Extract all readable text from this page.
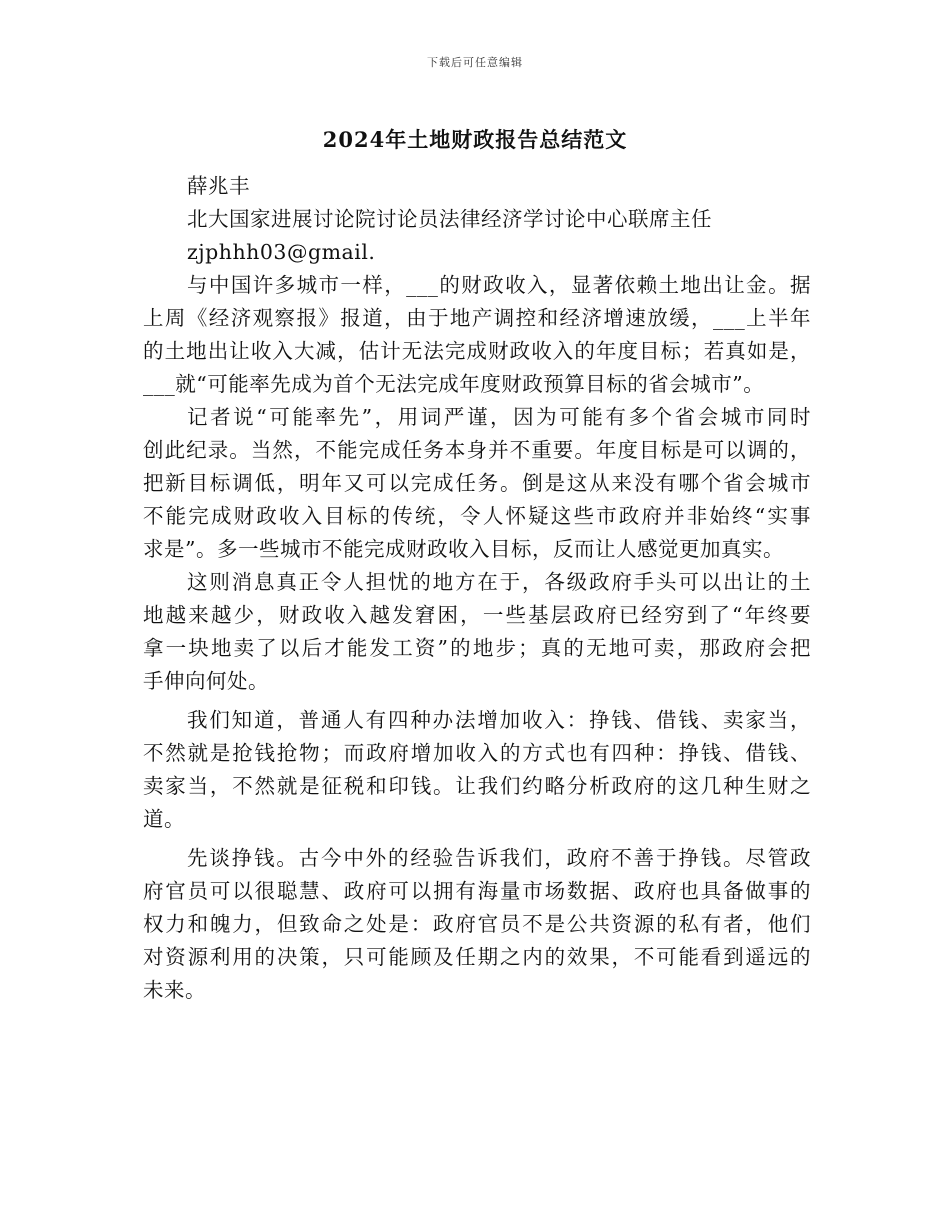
下载后可任意编辑
2024年土地财政报告总结范文
薛兆丰
北大国家进展讨论院讨论员法律经济学讨论中心联席主任
zjphhh03@gmail.
与中国许多城市一样，___的财政收入，显著依赖土地出让金。据
上周《经济观察报》报道，由于地产调控和经济增速放缓，___上半年
的土地出让收入大减，估计无法完成财政收入的年度目标；若真如是，
___就“可能率先成为首个无法完成年度财政预算目标的省会城市”。
记者说“可能率先”，用词严谨，因为可能有多个省会城市同时
创此纪录。当然，不能完成任务本身并不重要。年度目标是可以调的，
把新目标调低，明年又可以完成任务。倒是这从来没有哪个省会城市
不能完成财政收入目标的传统，令人怀疑这些市政府并非始终“实事
求是”。多一些城市不能完成财政收入目标，反而让人感觉更加真实。
这则消息真正令人担忧的地方在于，各级政府手头可以出让的土
地越来越少，财政收入越发窘困，一些基层政府已经穷到了“年终要
拿一块地卖了以后才能发工资”的地步；真的无地可卖，那政府会把
手伸向何处。
我们知道，普通人有四种办法增加收入：挣钱、借钱、卖家当，
不然就是抢钱抢物；而政府增加收入的方式也有四种：挣钱、借钱、
卖家当，不然就是征税和印钱。让我们约略分析政府的这几种生财之
道。
先谈挣钱。古今中外的经验告诉我们，政府不善于挣钱。尽管政
府官员可以很聪慧、政府可以拥有海量市场数据、政府也具备做事的
权力和魄力，但致命之处是：政府官员不是公共资源的私有者，他们
对资源利用的决策，只可能顾及任期之内的效果，不可能看到遥远的
未来。
